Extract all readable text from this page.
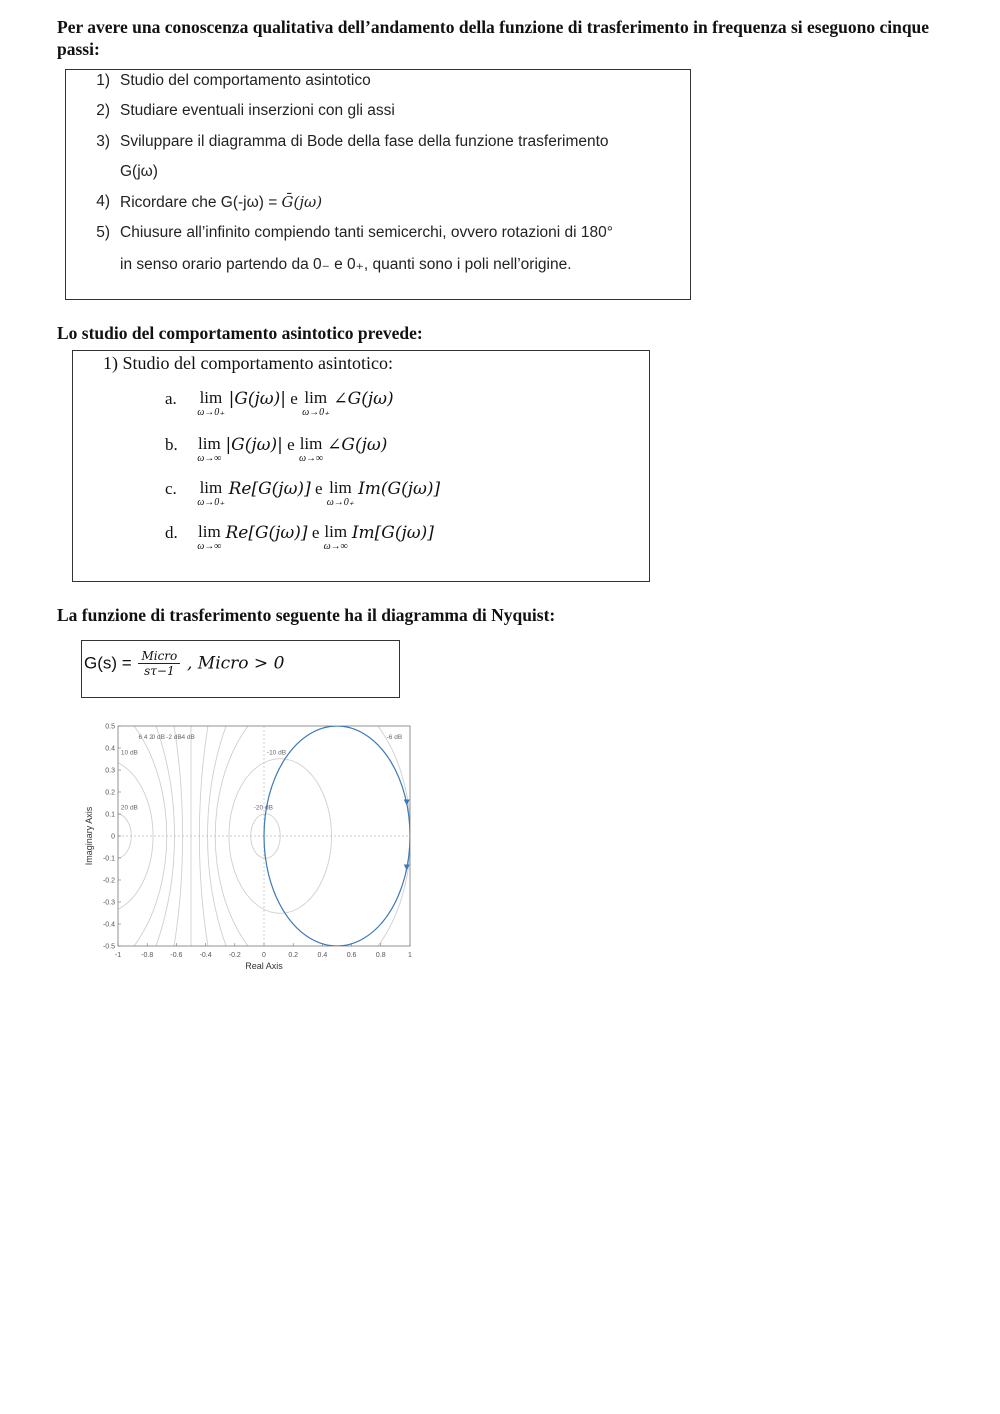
Per avere una conoscenza qualitativa dell’andamento della funzione di trasferimento in frequenza si eseguono cinque passi:
1) Studio del comportamento asintotico
2) Studiare eventuali inserzioni con gli assi
3) Sviluppare il diagramma di Bode della fase della funzione trasferimento
G(jω)
4) Ricordare che G(-jω) = Ḡ(jω)
5) Chiusure all’infinito compiendo tanti semicerchi, ovvero rotazioni di 180°
in senso orario partendo da 0₋ e 0₊, quanti sono i poli nell’origine.
Lo studio del comportamento asintotico prevede:
1) Studio del comportamento asintotico:
a. lim
ω→0₊
|G(jω)| e lim
ω→0₊
∠G(jω)
b. lim
ω→∞
|G(jω)| e lim
ω→∞
∠G(jω)
c. lim
ω→0₊
Re[G(jω)] e lim
ω→0₊
Im(G(jω)]
d. lim
ω→∞
Re[G(jω)] e lim
ω→∞
Im[G(jω)]
La funzione di trasferimento seguente ha il diagramma di Nyquist:
G(s) = Micro
sτ−1 , Micro > 0
-1	-0.8 -0.6 -0.4 -0.2	0	0.2	0.4	0.6	0.8	1
0.5
0.4
0.3
0.2
0.1
0
-0.1
-0.2
-0.3
-0.4
-0.5
Real Axis
Imaginary Axis
6 4 2
0 dB -2 dB
-4 dB
10 dB	-10 dB
20 dB	-20 dB
-6 dB
